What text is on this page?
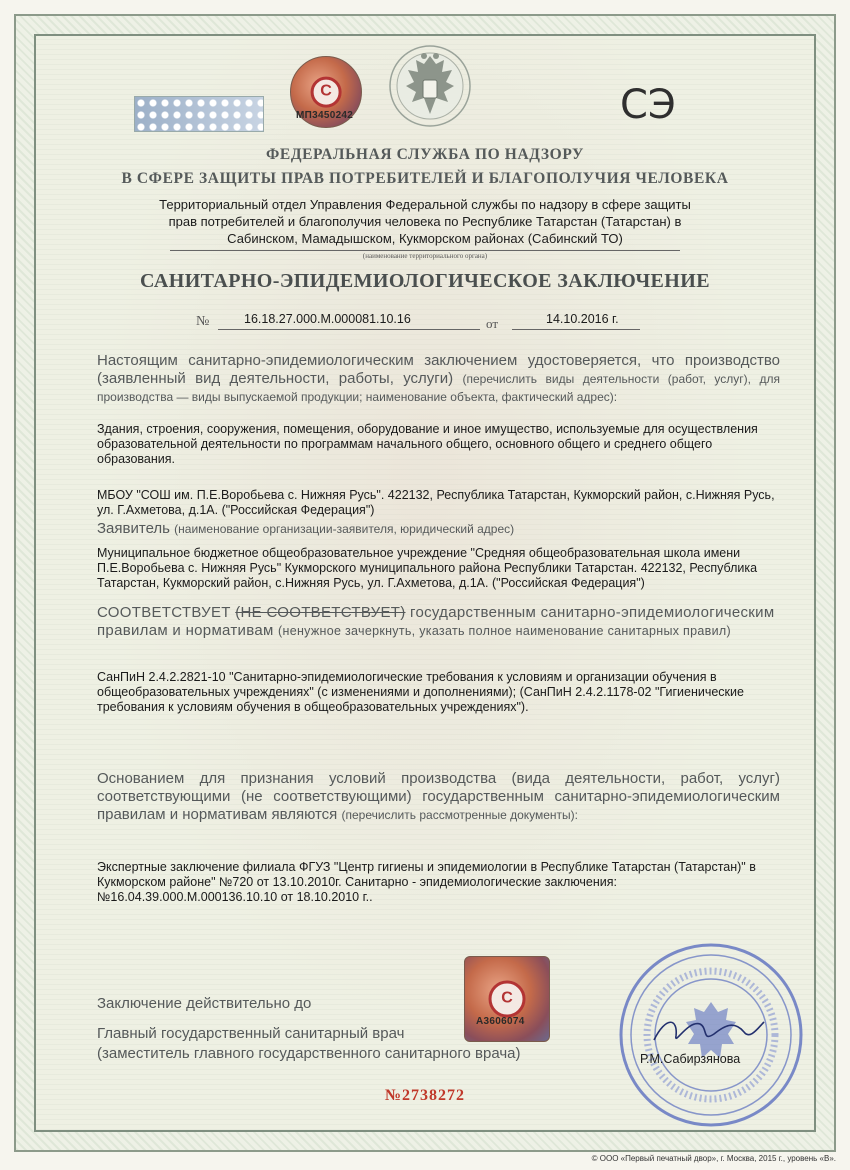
С
МП3450242	СЭ
ФЕДЕРАЛЬНАЯ СЛУЖБА ПО НАДЗОРУ
В СФЕРЕ ЗАЩИТЫ ПРАВ ПОТРЕБИТЕЛЕЙ И БЛАГОПОЛУЧИЯ ЧЕЛОВЕКА
Территориальный отдел Управления Федеральной службы по надзору в сфере защиты прав потребителей и благополучия человека по Республике Татарстан (Татарстан) в Сабинском, Мамадышском, Кукморском районах (Сабинский ТО)
(наименование территориального органа)
САНИТАРНО-ЭПИДЕМИОЛОГИЧЕСКОЕ ЗАКЛЮЧЕНИЕ
№	16.18.27.000.М.000081.10.16	от	14.10.2016 г.
Настоящим санитарно-эпидемиологическим заключением удостоверяется, что производство (заявленный вид деятельности, работы, услуги) (перечислить виды деятельности (работ, услуг), для производства — виды выпускаемой продукции; наименование объекта, фактический адрес):
Здания, строения, сооружения, помещения, оборудование и иное имущество, используемые для осуществления образовательной деятельности по программам начального общего, основного общего и среднего общего образования.
МБОУ "СОШ им. П.Е.Воробьева с. Нижняя Русь". 422132, Республика Татарстан, Кукморский район, с.Нижняя Русь, ул. Г.Ахметова, д.1А. ("Российская Федерация")
Заявитель (наименование организации-заявителя, юридический адрес)
Муниципальное бюджетное общеобразовательное учреждение "Средняя общеобразовательная школа имени П.Е.Воробьева с. Нижняя Русь" Кукморского муниципального района Республики Татарстан. 422132, Республика Татарстан, Кукморский район, с.Нижняя Русь, ул. Г.Ахметова, д.1А. ("Российская Федерация")
СООТВЕТСТВУЕТ (НЕ СООТВЕТСТВУЕТ) государственным санитарно-эпидемиологическим правилам и нормативам (ненужное зачеркнуть, указать полное наименование санитарных правил)
СанПиН 2.4.2.2821-10 "Санитарно-эпидемиологические требования к условиям и организации обучения в общеобразовательных учреждениях" (с изменениями и дополнениями); (СанПиН 2.4.2.1178-02 "Гигиенические требования к условиям обучения в общеобразовательных учреждениях").
Основанием для признания условий производства (вида деятельности, работ, услуг) соответствующими (не соответствующими) государственным санитарно-эпидемиологическим правилам и нормативам являются (перечислить рассмотренные документы):
Экспертные заключение филиала ФГУЗ "Центр гигиены и эпидемиологии в Республике Татарстан (Татарстан)" в Кукморском районе" №720 от 13.10.2010г. Санитарно - эпидемиологические заключения: №16.04.39.000.М.000136.10.10 от 18.10.2010 г..
С
А3606074
Заключение действительно до
Главный государственный санитарный врач
(заместитель главного государственного санитарного врача)	Р.М.Сабирзянова
№2738272
© ООО «Первый печатный двор», г. Москва, 2015 г., уровень «В».
